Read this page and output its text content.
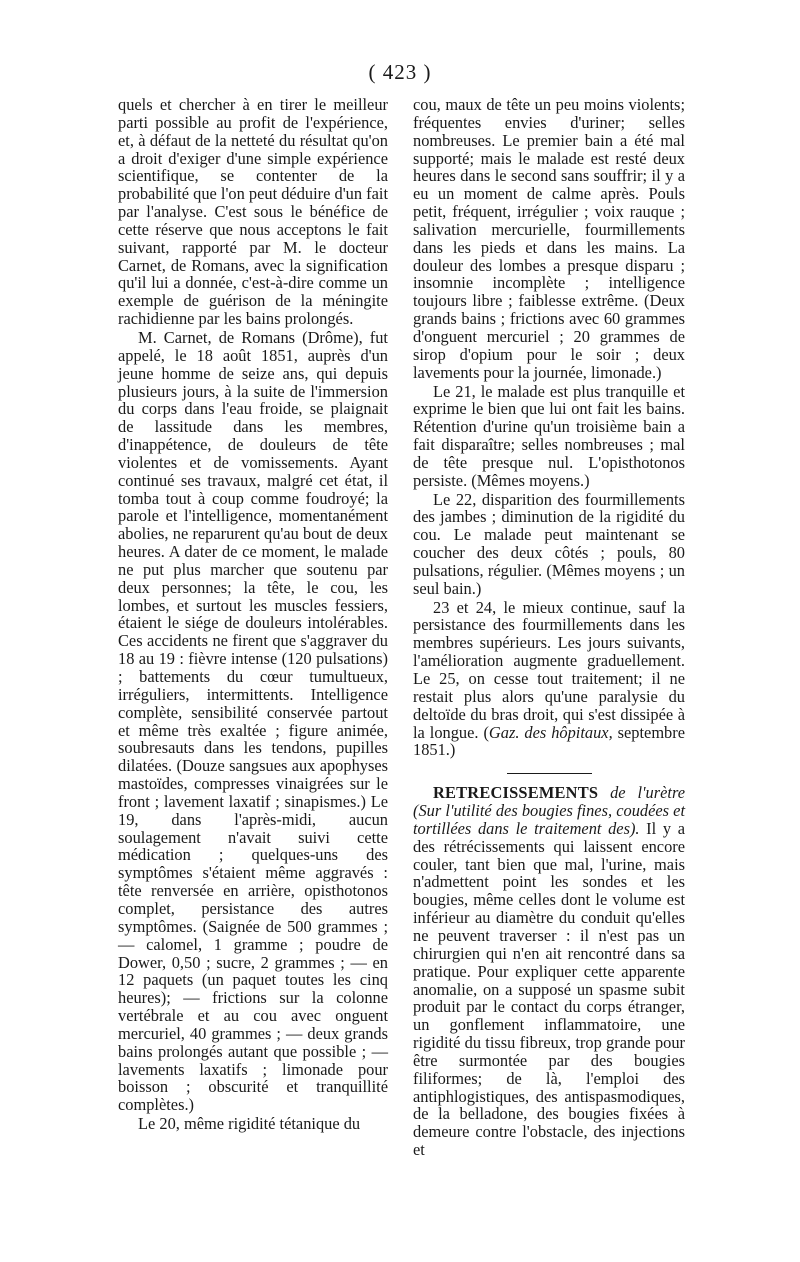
( 423 )

quels et chercher à en tirer le meilleur parti possible au profit de l'expérience, et, à défaut de la netteté du résultat qu'on a droit d'exiger d'une simple expérience scientifique, se contenter de la probabilité que l'on peut déduire d'un fait par l'analyse. C'est sous le bénéfice de cette réserve que nous acceptons le fait suivant, rapporté par M. le docteur Carnet, de Romans, avec la signification qu'il lui a donnée, c'est-à-dire comme un exemple de guérison de la méningite rachidienne par les bains prolongés.

M. Carnet, de Romans (Drôme), fut appelé, le 18 août 1851, auprès d'un jeune homme de seize ans, qui depuis plusieurs jours, à la suite de l'immersion du corps dans l'eau froide, se plaignait de lassitude dans les membres, d'inappétence, de douleurs de tête violentes et de vomissements. Ayant continué ses travaux, malgré cet état, il tomba tout à coup comme foudroyé; la parole et l'intelligence, momentanément abolies, ne reparurent qu'au bout de deux heures. A dater de ce moment, le malade ne put plus marcher que soutenu par deux personnes; la tête, le cou, les lombes, et surtout les muscles fessiers, étaient le siége de douleurs intolérables. Ces accidents ne firent que s'aggraver du 18 au 19 : fièvre intense (120 pulsations) ; battements du cœur tumultueux, irréguliers, intermittents. Intelligence complète, sensibilité conservée partout et même très exaltée ; figure animée, soubresauts dans les tendons, pupilles dilatées. (Douze sangsues aux apophyses mastoïdes, compresses vinaigrées sur le front ; lavement laxatif ; sinapismes.) Le 19, dans l'après-midi, aucun soulagement n'avait suivi cette médication ; quelques-uns des symptômes s'étaient même aggravés : tête renversée en arrière, opisthotonos complet, persistance des autres symptômes. (Saignée de 500 grammes ; — calomel, 1 gramme ; poudre de Dower, 0,50 ; sucre, 2 grammes ; — en 12 paquets (un paquet toutes les cinq heures); — frictions sur la colonne vertébrale et au cou avec onguent mercuriel, 40 grammes ; — deux grands bains prolongés autant que possible ; — lavements laxatifs ; limonade pour boisson ; obscurité et tranquillité complètes.)

Le 20, même rigidité tétanique du

cou, maux de tête un peu moins violents; fréquentes envies d'uriner; selles nombreuses. Le premier bain a été mal supporté; mais le malade est resté deux heures dans le second sans souffrir; il y a eu un moment de calme après. Pouls petit, fréquent, irrégulier ; voix rauque ; salivation mercurielle, fourmillements dans les pieds et dans les mains. La douleur des lombes a presque disparu ; insomnie incomplète ; intelligence toujours libre ; faiblesse extrême. (Deux grands bains ; frictions avec 60 grammes d'onguent mercuriel ; 20 grammes de sirop d'opium pour le soir ; deux lavements pour la journée, limonade.)

Le 21, le malade est plus tranquille et exprime le bien que lui ont fait les bains. Rétention d'urine qu'un troisième bain a fait disparaître; selles nombreuses ; mal de tête presque nul. L'opisthotonos persiste. (Mêmes moyens.)

Le 22, disparition des fourmillements des jambes ; diminution de la rigidité du cou. Le malade peut maintenant se coucher des deux côtés ; pouls, 80 pulsations, régulier. (Mêmes moyens ; un seul bain.)

23 et 24, le mieux continue, sauf la persistance des fourmillements dans les membres supérieurs. Les jours suivants, l'amélioration augmente graduellement. Le 25, on cesse tout traitement; il ne restait plus alors qu'une paralysie du deltoïde du bras droit, qui s'est dissipée à la longue. (Gaz. des hôpitaux, septembre 1851.)

RETRECISSEMENTS de l'urètre (Sur l'utilité des bougies fines, coudées et tortillées dans le traitement des). Il y a des rétrécissements qui laissent encore couler, tant bien que mal, l'urine, mais n'admettent point les sondes et les bougies, même celles dont le volume est inférieur au diamètre du conduit qu'elles ne peuvent traverser : il n'est pas un chirurgien qui n'en ait rencontré dans sa pratique. Pour expliquer cette apparente anomalie, on a supposé un spasme subit produit par le contact du corps étranger, un gonflement inflammatoire, une rigidité du tissu fibreux, trop grande pour être surmontée par des bougies filiformes; de là, l'emploi des antiphlogistiques, des antispasmodiques, de la belladone, des bougies fixées à demeure contre l'obstacle, des injections et
